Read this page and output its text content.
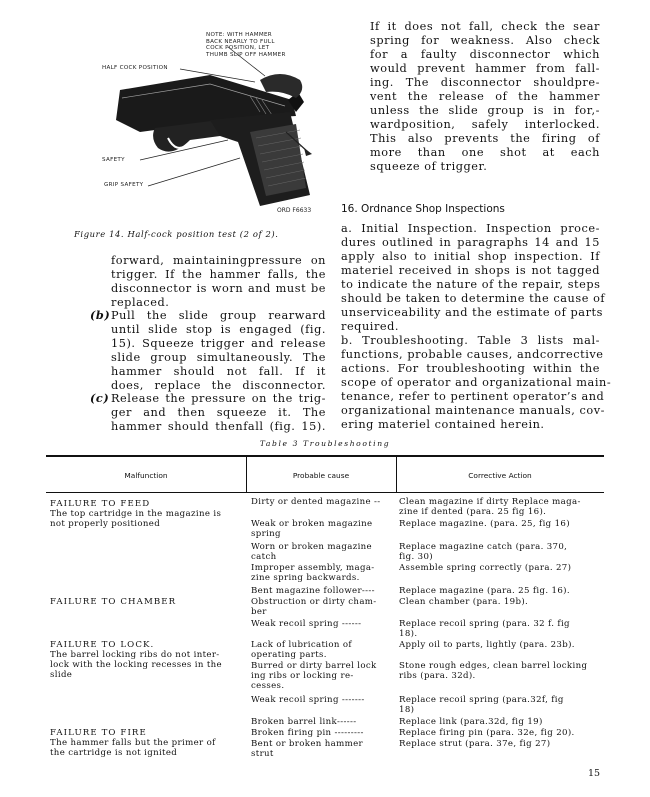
NOTE: WITH HAMMER
BACK NEARLY TO FULL
COCK POSITION, LET
THUMB SLIP OFF HAMMER
HALF COCK POSITION
SAFETY
GRIP SAFETY
ORD F6633
Figure 14. Half-cock position test (2 of 2).
forward, maintainingpressure on
trigger. If the hammer falls, the
disconnector is worn and must be
replaced.
(b) Pull the slide group rearward
until slide stop is engaged (fig.
15). Squeeze trigger and release
slide group simultaneously. The
hammer should not fall. If it
does, replace the disconnector.
(c) Release the pressure on the trig-
ger and then squeeze it. The
hammer should thenfall (fig. 15).
If it does not fall, check the sear
spring for weakness. Also check
for a faulty disconnector which
would prevent hammer from fall-
ing. The disconnector shouldpre-
vent the release of the hammer
unless the slide group is in for,-
wardposition, safely interlocked.
This also prevents the firing of
more than one shot at each
squeeze of trigger.
16. Ordnance Shop Inspections
a. Initial Inspection. Inspection proce-
dures outlined in paragraphs 14 and 15
apply also to initial shop inspection. If
materiel received in shops is not tagged
to indicate the nature of the repair, steps
should be taken to determine the cause of
unserviceability and the estimate of parts
required.
b. Troubleshooting. Table 3 lists mal-
functions, probable causes, andcorrective
actions. For troubleshooting within the
scope of operator and organizational main-
tenance, refer to pertinent operator’s and
organizational maintenance manuals, cov-
ering materiel contained herein.
Table 3 Troubleshooting
Malfunction	Probable cause	Corrective Action
FAILURE TO FEED
The top cartridge in the magazine is
not properly positioned
FAILURE TO CHAMBER
FAILURE TO LOCK.
The barrel locking ribs do not inter-
lock with the locking recesses in the
slide
FAILURE TO FIRE
The hammer falls but the primer of
the cartridge is not ignited
Dirty or dented magazine --
Weak or broken magazine
spring
Worn or broken magazine
catch
Improper assembly, maga-
zine spring backwards.
Bent magazine follower----
Obstruction or dirty cham-
ber
Weak recoil spring ------
Lack of lubrication of
operating parts.
Burred or dirty barrel lock
ing ribs or locking re-
cesses.
Weak recoil spring -------
Broken barrel link------
Broken firing pin ---------
Bent or broken hammer
strut
Clean magazine if dirty Replace maga-
zine if dented (para. 25 fig 16).
Replace magazine. (para. 25, fig 16)
Replace magazine catch (para. 370,
fig. 30)
Assemble spring correctly (para. 27)
Replace magazine (para. 25 fig. 16).
Clean chamber (para. 19b).
Replace recoil spring (para. 32 f. fig
18).
Apply oil to parts, lightly (para. 23b).
Stone rough edges, clean barrel locking
ribs (para. 32d).
Replace recoil spring (para.32f, fig
18)
Replace link (para.32d, fig 19)
Replace firing pin (para. 32e, fig 20).
Replace strut (para. 37e, fig 27)
15
